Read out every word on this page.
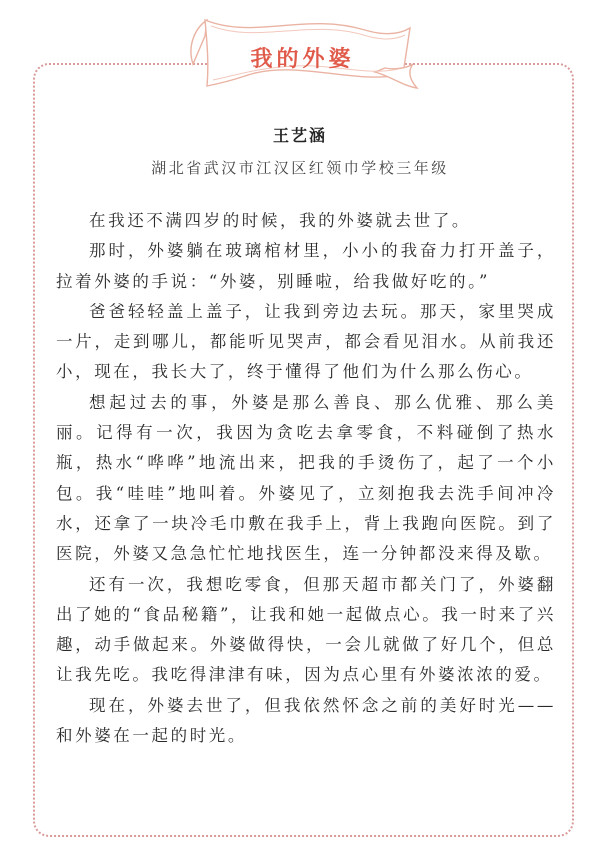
我的外婆
王艺涵
湖北省武汉市江汉区红领巾学校三年级

在我还不满四岁的时候，我的外婆就去世了。

那时，外婆躺在玻璃棺材里，小小的我奋力打开盖子，拉着外婆的手说：“外婆，别睡啦，给我做好吃的。”

爸爸轻轻盖上盖子，让我到旁边去玩。那天，家里哭成一片，走到哪儿，都能听见哭声，都会看见泪水。从前我还小，现在，我长大了，终于懂得了他们为什么那么伤心。

想起过去的事，外婆是那么善良、那么优雅、那么美丽。记得有一次，我因为贪吃去拿零食，不料碰倒了热水瓶，热水“哗哗”地流出来，把我的手烫伤了，起了一个小包。我“哇哇”地叫着。外婆见了，立刻抱我去洗手间冲冷水，还拿了一块冷毛巾敷在我手上，背上我跑向医院。到了医院，外婆又急急忙忙地找医生，连一分钟都没来得及歇。

还有一次，我想吃零食，但那天超市都关门了，外婆翻出了她的“食品秘籍”，让我和她一起做点心。我一时来了兴趣，动手做起来。外婆做得快，一会儿就做了好几个，但总让我先吃。我吃得津津有味，因为点心里有外婆浓浓的爱。

现在，外婆去世了，但我依然怀念之前的美好时光——和外婆在一起的时光。
